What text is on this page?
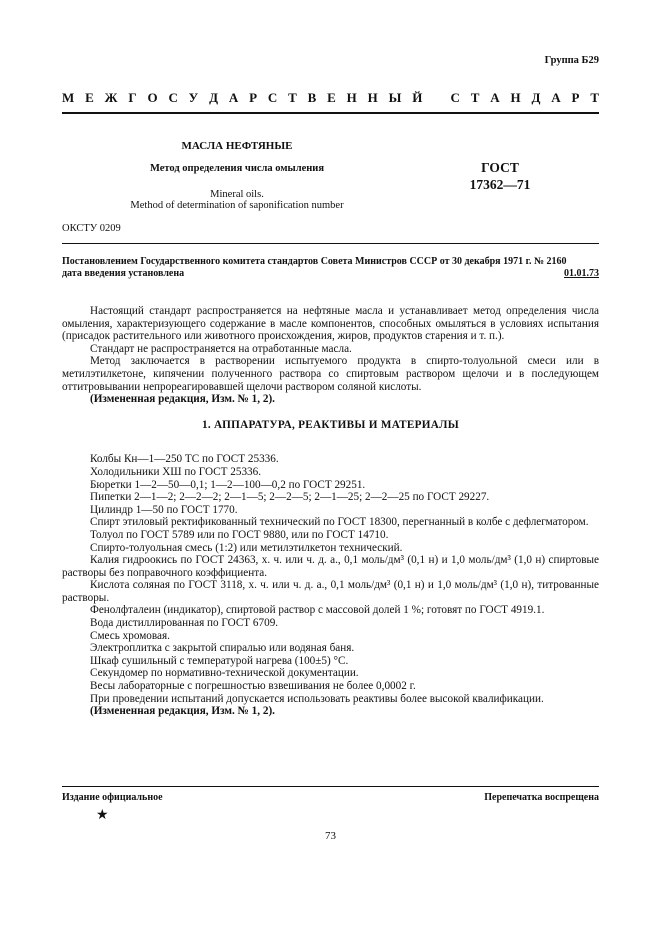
Группа Б29
М Е Ж Г О С У Д А Р С Т В Е Н Н Ы Й
С Т А Н Д А Р Т
МАСЛА НЕФТЯНЫЕ
Метод определения числа омыления
Mineral oils.
Method of determination of saponification number
ГОСТ
17362—71
ОКСТУ 0209
Постановлением Государственного комитета стандартов Совета Министров СССР от 30 декабря 1971 г. № 2160
дата введения установлена	01.01.73

Настоящий стандарт распространяется на нефтяные масла и устанавливает метод определения числа омыления, характеризующего содержание в масле компонентов, способных омыляться в условиях испытания (присадок растительного или животного происхождения, жиров, продуктов старения и т. п.).

Стандарт не распространяется на отработанные масла.

Метод заключается в растворении испытуемого продукта в спирто-толуольной смеси или в метилэтилкетоне, кипячении полученного раствора со спиртовым раствором щелочи и в последующем оттитровывании непрореагировавшей щелочи раствором соляной кислоты.

(Измененная редакция, Изм. № 1, 2).

1. АППАРАТУРА, РЕАКТИВЫ И МАТЕРИАЛЫ

Колбы Кн—1—250 ТС по ГОСТ 25336.

Холодильники ХШ по ГОСТ 25336.

Бюретки 1—2—50—0,1; 1—2—100—0,2 по ГОСТ 29251.

Пипетки 2—1—2; 2—2—2; 2—1—5; 2—2—5; 2—1—25; 2—2—25 по ГОСТ 29227.

Цилиндр 1—50 по ГОСТ 1770.

Спирт этиловый ректификованный технический по ГОСТ 18300, перегнанный в колбе с дефлегматором.

Толуол по ГОСТ 5789 или по ГОСТ 9880, или по ГОСТ 14710.

Спирто-толуольная смесь (1:2) или метилэтилкетон технический.

Калия гидроокись по ГОСТ 24363, х. ч. или ч. д. а., 0,1 моль/дм³ (0,1 н) и 1,0 моль/дм³ (1,0 н) спиртовые растворы без поправочного коэффициента.

Кислота соляная по ГОСТ 3118, х. ч. или ч. д. а., 0,1 моль/дм³ (0,1 н) и 1,0 моль/дм³ (1,0 н), титрованные растворы.

Фенолфталеин (индикатор), спиртовой раствор с массовой долей 1 %; готовят по ГОСТ 4919.1.

Вода дистиллированная по ГОСТ 6709.

Смесь хромовая.

Электроплитка с закрытой спиралью или водяная баня.

Шкаф сушильный с температурой нагрева (100±5) °С.

Секундомер по нормативно-технической документации.

Весы лабораторные с погрешностью взвешивания не более 0,0002 г.

При проведении испытаний допускается использовать реактивы более высокой квалификации.

(Измененная редакция, Изм. № 1, 2).

Издание официальное	Перепечатка воспрещена
★
73
